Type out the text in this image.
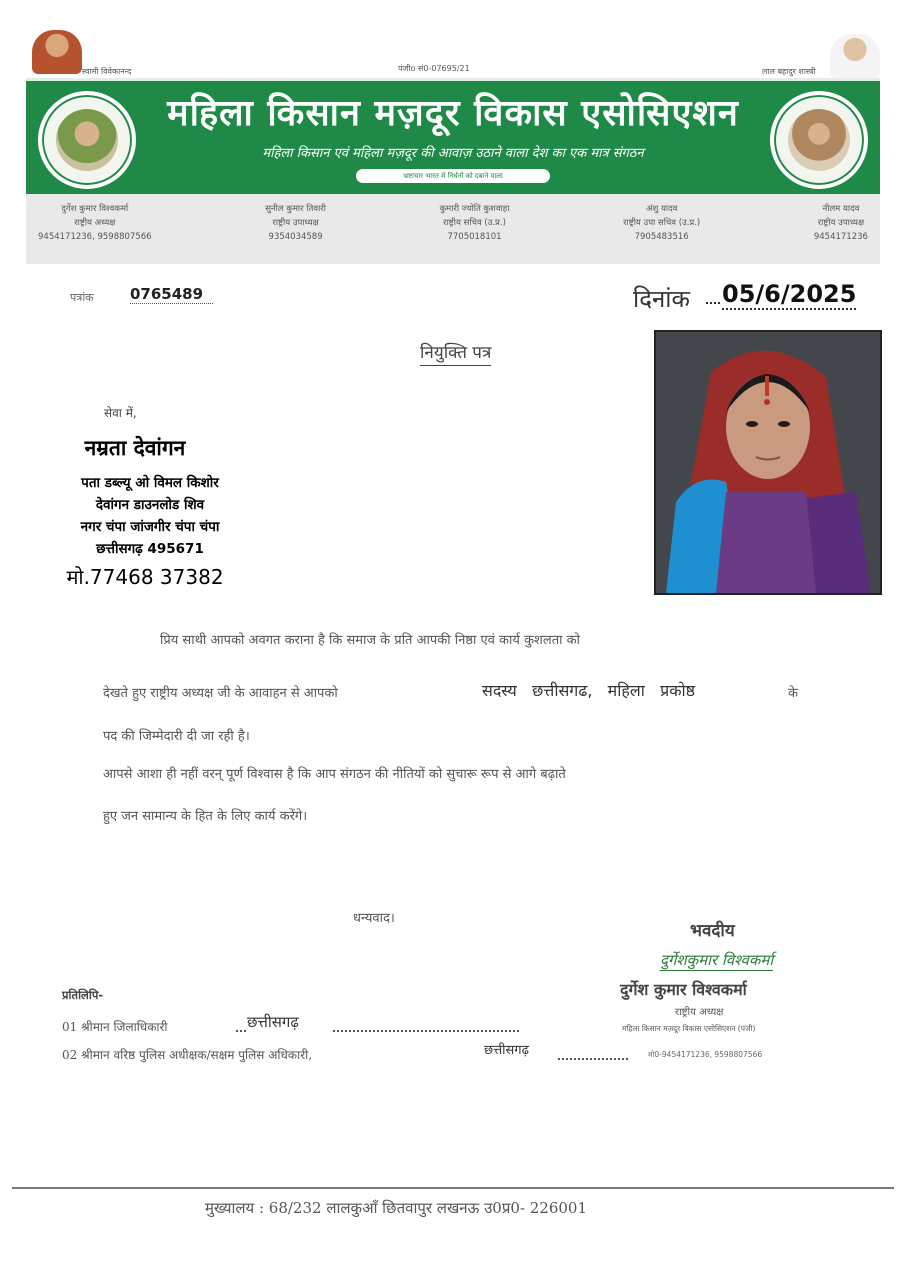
स्वामी विवेकानन्द	पंजीo सं0-07695/21	लाल बहादुर शास्त्री
महिला किसान मज़दूर विकास एसोसिएशन
महिला किसान एवं महिला मज़दूर की आवाज़ उठाने वाला देश का एक मात्र संगठन
भ्रष्टाचार भारत में निर्धनों को दबाने वाला
दुर्गेश कुमार विश्वकर्मा
राष्ट्रीय अध्यक्ष
9454171236, 9598807566
सुनील कुमार तिवारी
राष्ट्रीय उपाध्यक्ष
9354034589
कुमारी ज्योति कुशवाहा
राष्ट्रीय सचिव (उ.प्र.)
7705018101
अंशु यादव
राष्ट्रीय उपा सचिव (उ.प्र.)
7905483516
नीलम यादव
राष्ट्रीय उपाध्यक्ष
9454171236
पत्रांक 0765489	दिनांक 05/6/2025
नियुक्ति पत्र
सेवा में,
नम्रता देवांगन
पता डब्ल्यू ओ विमल किशोर
देवांगन डाउनलोड शिव
नगर चंपा जांजगीर चंपा चंपा
छत्तीसगढ़ 495671
मो.77468 37382
प्रिय साथी आपको अवगत कराना है कि समाज के प्रति आपकी निष्ठा एवं कार्य कुशलता को
देखते हुए राष्ट्रीय अध्यक्ष जी के आवाहन से आपको	सदस्य   छत्तीसगढ,   महिला   प्रकोष्ठ	के
पद की जिम्मेदारी दी जा रही है।
आपसे आशा ही नहीं वरन् पूर्ण विश्वास है कि आप संगठन की नीतियों को सुचारू रूप से आगे बढ़ाते
हुए जन सामान्य के हित के लिए कार्य करेंगे।
धन्यवाद।
भवदीय
दुर्गेशकुमार विश्वकर्मा
दुर्गेश कुमार विश्वकर्मा
राष्ट्रीय अध्यक्ष
महिला किसान मज़दूर विकास एसोसिएशन (पंजी)
मो0-9454171236, 9598807566
प्रतिलिपि-
01 श्रीमान जिलाधिकारी	छत्तीसगढ़
02 श्रीमान वरिष्ठ पुलिस अधीक्षक/सक्षम पुलिस अधिकारी,	छत्तीसगढ़
मुख्यालय : 68/232 लालकुआँ छितवापुर लखनऊ उ0प्र0- 226001
